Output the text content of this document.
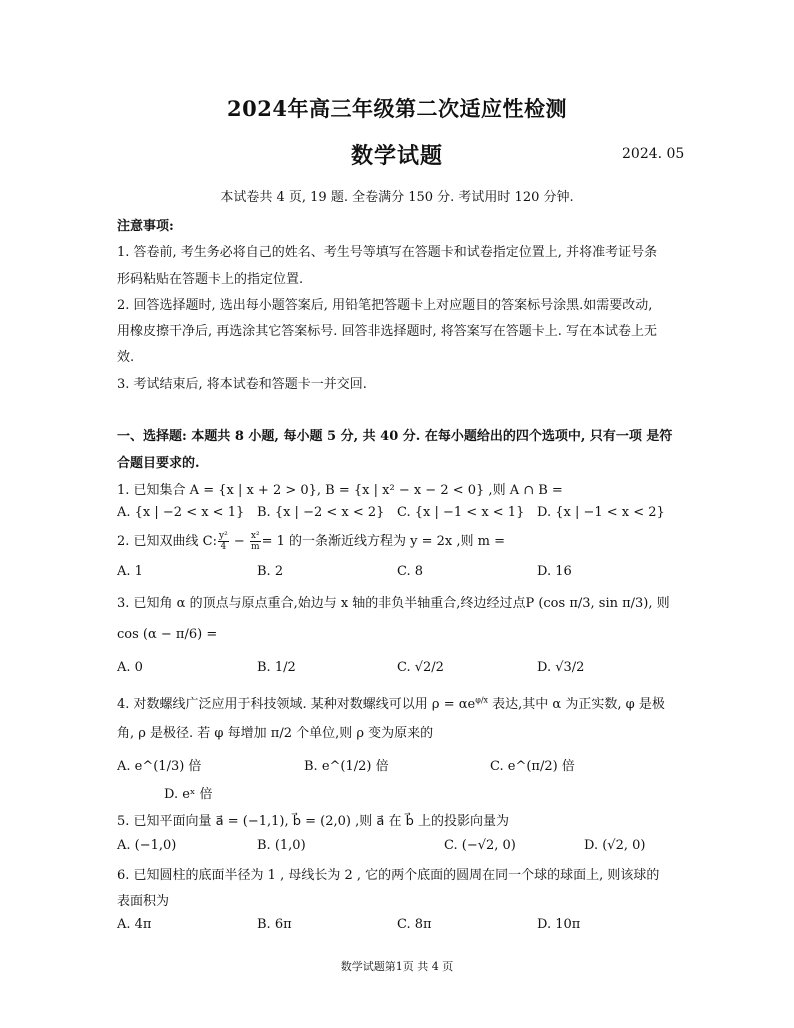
2024年高三年级第二次适应性检测
数学试题	2024. 05
本试卷共 4 页, 19 题. 全卷满分 150 分. 考试用时 120 分钟.
注意事项:
1. 答卷前, 考生务必将自己的姓名、考生号等填写在答题卡和试卷指定位置上, 并将准考证号条
形码粘贴在答题卡上的指定位置.
2. 回答选择题时, 选出每小题答案后, 用铅笔把答题卡上对应题目的答案标号涂黑.如需要改动,
用橡皮擦干净后, 再选涂其它答案标号. 回答非选择题时, 将答案写在答题卡上. 写在本试卷上无
效.
3. 考试结束后, 将本试卷和答题卡一并交回.
一、选择题: 本题共 8 小题, 每小题 5 分, 共 40 分. 在每小题给出的四个选项中, 只有一项 是符
合题目要求的.
1. 已知集合 A = {x | x + 2 > 0}, B = {x | x² − x − 2 < 0} ,则 A ∩ B =
A. {x | −2 < x < 1} B. {x | −2 < x < 2} C. {x | −1 < x < 1} D. {x | −1 < x < 2}
2. 已知双曲线 C: $\frac{\text{y²}}{4} - \frac{\text{x²}}{m} = 1$ 的一条渐近线方程为 y = 2x ,则 m =
A. 1	B. 2	C. 8	D. 16
3. 已知角 α 的顶点与原点重合,始边与 x 轴的非负半轴重合,终边经过点P (cos π/3, sin π/3), 则
cos (α − π/6) =
A. 0	B. 1/2	C. √2/2	D. √3/2
4. 对数螺线广泛应用于科技领域. 某种对数螺线可以用 $\rho = \alpha e^{\varphi/x}$ 表达,其中 α 为正实数, φ 是极
角, ρ 是极径. 若 φ 每增加 π/2 个单位,则 ρ 变为原来的
A. e^(1/3) 倍	B. e^(1/2) 倍	C. e^(π/2) 倍
D. eˣ 倍
5. 已知平面向量 a⃗ = (−1,1), b⃗ = (2,0) ,则 a⃗ 在 b⃗ 上的投影向量为
A. (−1,0)	B. (1,0)	C. (−√2, 0)	D. (√2, 0)
6. 已知圆柱的底面半径为 1 , 母线长为 2 , 它的两个底面的圆周在同一个球的球面上, 则该球的
表面积为
A. 4π	B. 6π	C. 8π	D. 10π
数学试题第1页 共 4 页
